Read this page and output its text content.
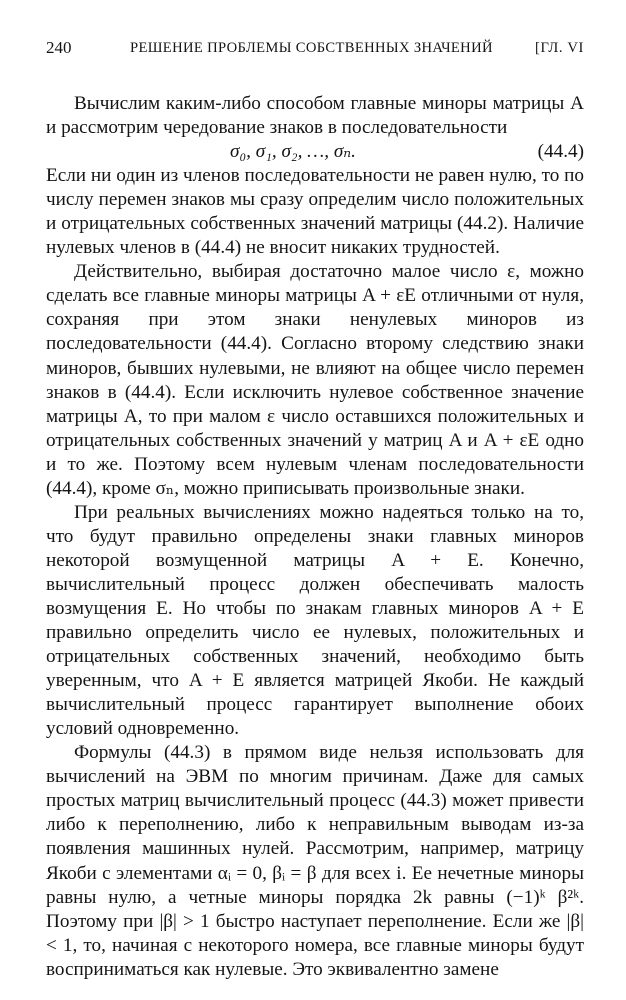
240	РЕШЕНИЕ ПРОБЛЕМЫ СОБСТВЕННЫХ ЗНАЧЕНИЙ	[ГЛ. VI

Вычислим каким-либо способом главные миноры матрицы A и рассмотрим чередование знаков в последовательности

σ₀, σ₁, σ₂, …, σₙ.	(44.4)

Если ни один из членов последовательности не равен нулю, то по числу перемен знаков мы сразу определим число положительных и отрицательных собственных значений матрицы (44.2). Наличие нулевых членов в (44.4) не вносит никаких трудностей.

Действительно, выбирая достаточно малое число ε, можно сделать все главные миноры матрицы A + εE отличными от нуля, сохраняя при этом знаки ненулевых миноров из последовательности (44.4). Согласно второму следствию знаки миноров, бывших нулевыми, не влияют на общее число перемен знаков в (44.4). Если исключить нулевое собственное значение матрицы A, то при малом ε число оставшихся положительных и отрицательных собственных значений у матриц A и A + εE одно и то же. Поэтому всем нулевым членам последовательности (44.4), кроме σₙ, можно приписывать произвольные знаки.

При реальных вычислениях можно надеяться только на то, что будут правильно определены знаки главных миноров некоторой возмущенной матрицы A + E. Конечно, вычислительный процесс должен обеспечивать малость возмущения E. Но чтобы по знакам главных миноров A + E правильно определить число ее нулевых, положительных и отрицательных собственных значений, необходимо быть уверенным, что A + E является матрицей Якоби. Не каждый вычислительный процесс гарантирует выполнение обоих условий одновременно.

Формулы (44.3) в прямом виде нельзя использовать для вычислений на ЭВМ по многим причинам. Даже для самых простых матриц вычислительный процесс (44.3) может привести либо к переполнению, либо к неправильным выводам из-за появления машинных нулей. Рассмотрим, например, матрицу Якоби с элементами αᵢ = 0, βᵢ = β для всех i. Ее нечетные миноры равны нулю, а четные миноры порядка 2k равны (−1)ᵏ β²ᵏ. Поэтому при |β| > 1 быстро наступает переполнение. Если же |β| < 1, то, начиная с некоторого номера, все главные миноры будут восприниматься как нулевые. Это эквивалентно замене
